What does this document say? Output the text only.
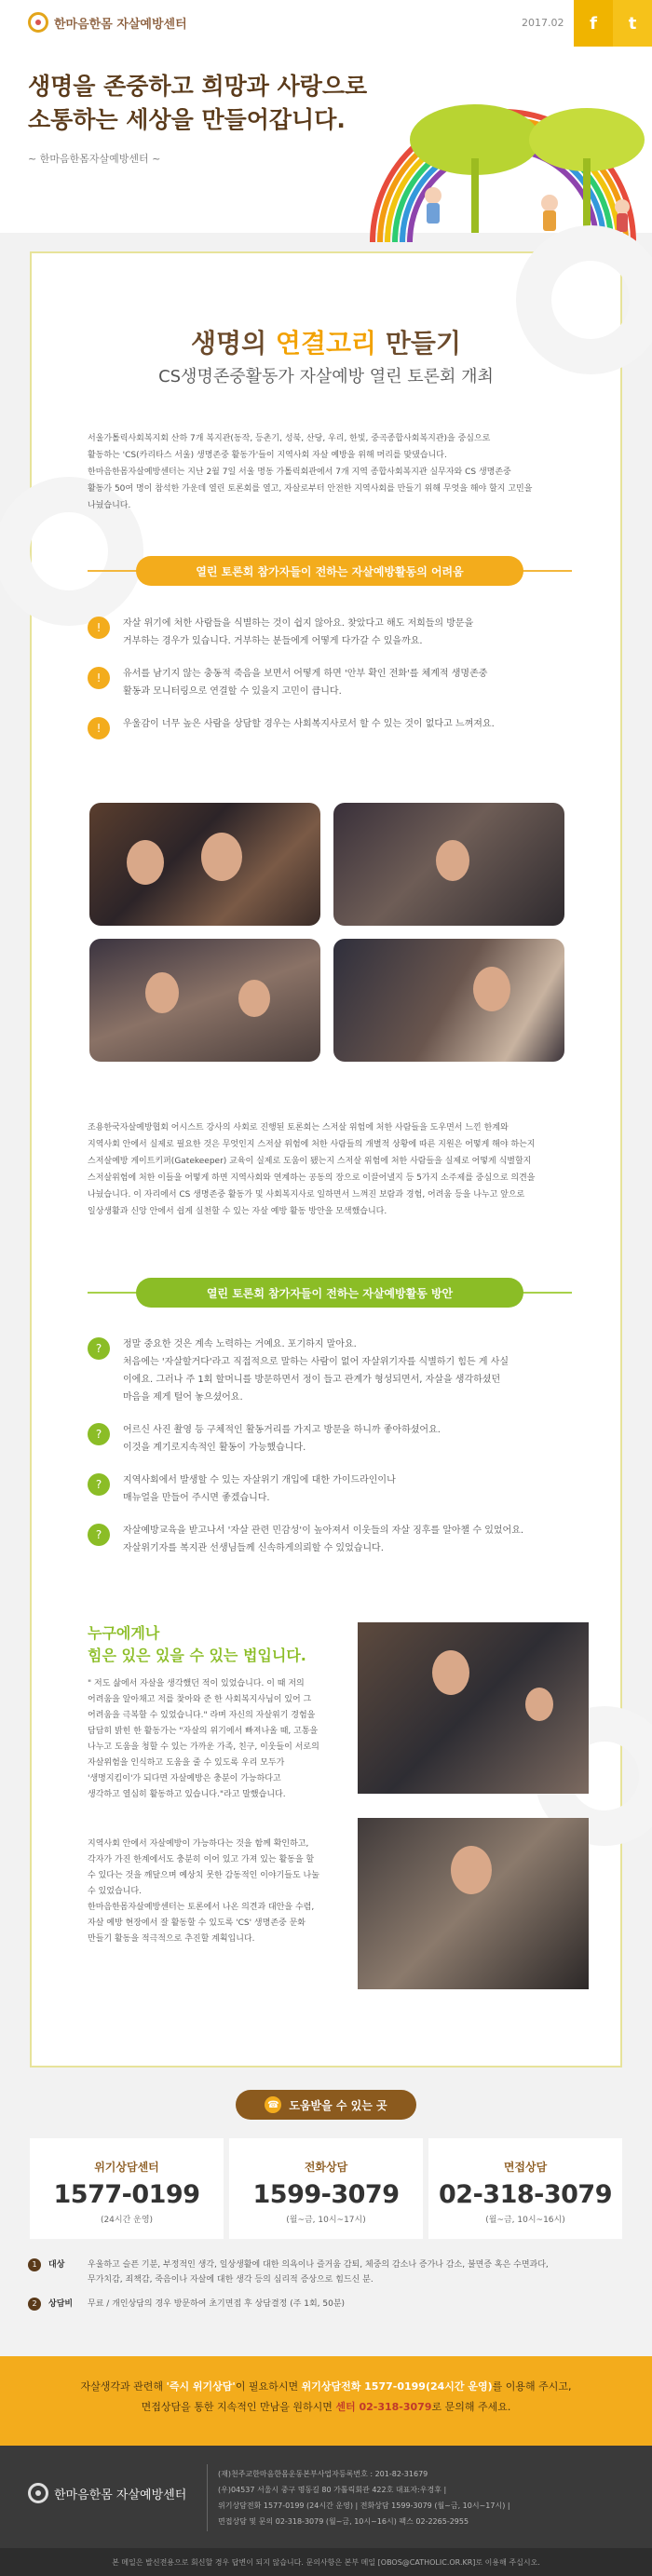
한마음한몸 자살예방센터	2017.02 f t
생명을 존중하고 희망과 사랑으로
소통하는 세상을 만들어갑니다.
~ 한마음한몸자살예방센터 ~
생명의 연결고리 만들기
CS생명존중활동가 자살예방 열린 토론회 개최
서울가톨릭사회복지회 산하 7개 복지관(동작, 등촌기, 성북, 산당, 우리, 한빛, 중곡종합사회복지관)을 중심으로
활동하는 'CS(카리타스 서울) 생명존중 활동가'들이 지역사회 자살 예방을 위해 머리를 맞댔습니다.
한마음한몸자살예방센터는 지난 2월 7일 서울 명동 가톨릭회관에서 7개 지역 종합사회복지관 실무자와 CS 생명존중
활동가 50여 명이 참석한 가운데 열린 토론회를 열고, 자살로부터 안전한 지역사회를 만들기 위해 무엇을 해야 할지 고민을
나눴습니다.
열린 토론회 참가자들이 전하는 자살예방활동의 어려움
!	자살 위기에 처한 사람들을 식별하는 것이 쉽지 않아요. 찾았다고 해도 저희들의 방문을
거부하는 경우가 있습니다. 거부하는 분들에게 어떻게 다가갈 수 있을까요.
!	유서를 남기지 않는 충동적 죽음을 보면서 어떻게 하면 '안부 확인 전화'를 체계적 생명존중
활동과 모니터링으로 연결할 수 있을지 고민이 큽니다.
!	우울감이 너무 높은 사람을 상담할 경우는 사회복지사로서 할 수 있는 것이 없다고 느껴져요.
조용한국자살예방협회 어시스트 강사의 사회로 진행된 토론회는 스저살 위험에 처한 사람들을 도우면서 느낀 한계와
지역사회 안에서 실제로 필요한 것은 무엇인지 스저살 위험에 처한 사람들의 개별적 상황에 따른 지원은 어떻게 해야 하는지
스저살예방 게이트키퍼(Gatekeeper) 교육이 실제로 도움이 됐는지 스저살 위험에 처한 사람들을 실제로 어떻게 식별할지
스저살위험에 처한 이들을 어떻게 하면 지역사회와 연계하는 공동의 장으로 이끌어낼지 등 5가지 소주제를 중심으로 의견을
나눴습니다. 이 자리에서 CS 생명존중 활동가 및 사회복지사로 일하면서 느껴진 보람과 경험, 어려움 등을 나누고 앞으로
일상생활과 신앙 안에서 쉽게 실천할 수 있는 자살 예방 활동 방안을 모색했습니다.
열린 토론회 참가자들이 전하는 자살예방활동 방안
?	정말 중요한 것은 계속 노력하는 거예요. 포기하지 말아요.
처음에는 '자살할거다'라고 직접적으로 말하는 사람이 없어 자살위기자를 식별하기 힘든 게 사실
이에요. 그러나 주 1회 할머니를 방문하면서 정이 들고 관계가 형성되면서, 자살을 생각하셨던
마음을 제게 털어 놓으셨어요.
?	어르신 사진 촬영 등 구체적인 활동거리를 가지고 방문을 하니까 좋아하셨어요.
이것을 계기로지속적인 활동이 가능했습니다.
?	지역사회에서 발생할 수 있는 자살위기 개입에 대한 가이드라인이나
매뉴얼을 만들어 주시면 좋겠습니다.
?	자살예방교육을 받고나서 '자살 관련 민감성'이 높아져서 이웃들의 자살 징후를 알아챌 수 있었어요.
자살위기자를 복지관 선생님들께 신속하게의뢰할 수 있었습니다.
누구에게나
힘은 있은 있을 수 있는 법입니다.
" 저도 삶에서 자살을 생각했던 적이 있었습니다. 이 때 저의
어려움을 알아채고 저를 찾아와 준 한 사회복지사님이 있어 그
어려움을 극복할 수 있었습니다." 라며 자신의 자살위기 경험을
담담히 밝힌 한 활동가는 "자살의 위기에서 빠져나올 때, 고통을
나누고 도움을 청할 수 있는 가까운 가족, 친구, 이웃들이 서로의
자살위험을 인식하고 도움을 줄 수 있도록 우리 모두가
'생명지킴이'가 되다면 자살예방은 충분이 가능하다고
생각하고 열심히 활동하고 있습니다."라고 말했습니다.
지역사회 안에서 자살예방이 가능하다는 것을 함께 확인하고,
각자가 가진 한계에서도 충분히 이어 있고 가져 있는 활동을 할
수 있다는 것을 깨달으며 예상치 못한 감동적인 이야기들도 나눌
수 있었습니다.
한마음한몸자살예방센터는 토론에서 나온 의견과 대안을 수렴,
자살 예방 현장에서 잘 활동할 수 있도록 'CS' 생명존중 문화
만들기 활동을 적극적으로 추진할 계획입니다.
☎ 도움받을 수 있는 곳
위기상담센터
1577-0199
(24시간 운영)
전화상담
1599-3079
(월~금, 10시~17시)
면접상담
02-318-3079
(월~금, 10시~16시)
1	대상	우울하고 슬픈 기분, 부정적인 생각, 일상생활에 대한 의욕이나 즐거움 감퇴, 체중의 감소나 증가나 감소, 불면증 혹은 수면과다,
무가치감, 죄책감, 죽음이나 자살에 대한 생각 등의 심리적 증상으로 힘드신 분.
2	상담비	무료 / 개인상담의 경우 방문하여 초기면접 후 상담결정 (주 1회, 50분)
자살생각과 관련해 '즉시 위기상담'이 필요하시면 위기상담전화 1577-0199(24시간 운영)를 이용해 주시고,
면접상담을 통한 지속적인 만남을 원하시면 센터 02-318-3079로 문의해 주세요.
한마음한몸 자살예방센터
(재)천주교한마음한몸운동본부사업자등록번호 : 201-82-31679
(우)04537 서울시 중구 명동길 80 가톨릭회관 422호 대표자:우경후 |
위기상담전화 1577-0199 (24시간 운영) | 전화상담 1599-3079 (월~금, 10시~17시) |
면접상담 및 문의 02-318-3079 (월~금, 10시~16시) 팩스 02-2265-2955
본 메일은 발신전용으로 회신할 경우 답변이 되지 않습니다. 문의사항은 본부 메일 [OBOS@CATHOLIC.OR.KR]로 이용해 주십시오.
